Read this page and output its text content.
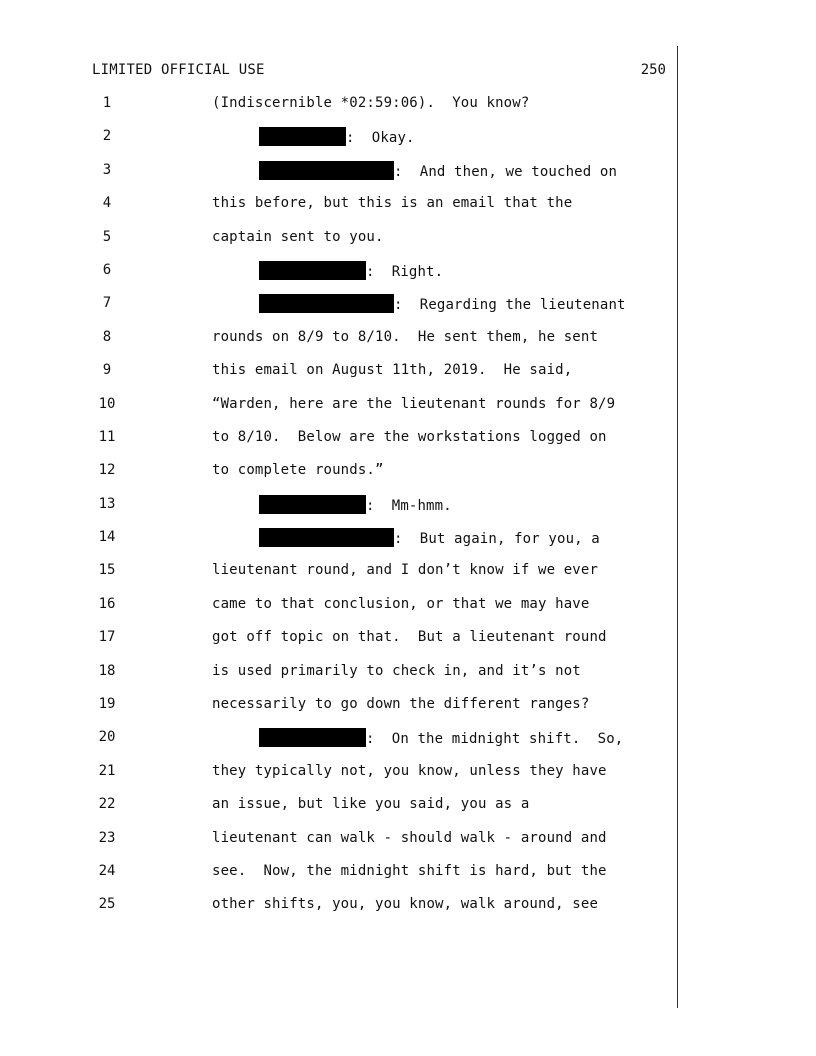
LIMITED OFFICIAL USE	250
1	(Indiscernible *02:59:06).  You know?
2	:  Okay.
3	:  And then, we touched on
4	this before, but this is an email that the
5	captain sent to you.
6	:  Right.
7	:  Regarding the lieutenant
8	rounds on 8/9 to 8/10.  He sent them, he sent
9	this email on August 11th, 2019.  He said,
10	“Warden, here are the lieutenant rounds for 8/9
11	to 8/10.  Below are the workstations logged on
12	to complete rounds.”
13	:  Mm-hmm.
14	:  But again, for you, a
15	lieutenant round, and I don’t know if we ever
16	came to that conclusion, or that we may have
17	got off topic on that.  But a lieutenant round
18	is used primarily to check in, and it’s not
19	necessarily to go down the different ranges?
20	:  On the midnight shift.  So,
21	they typically not, you know, unless they have
22	an issue, but like you said, you as a
23	lieutenant can walk - should walk - around and
24	see.  Now, the midnight shift is hard, but the
25	other shifts, you, you know, walk around, see
